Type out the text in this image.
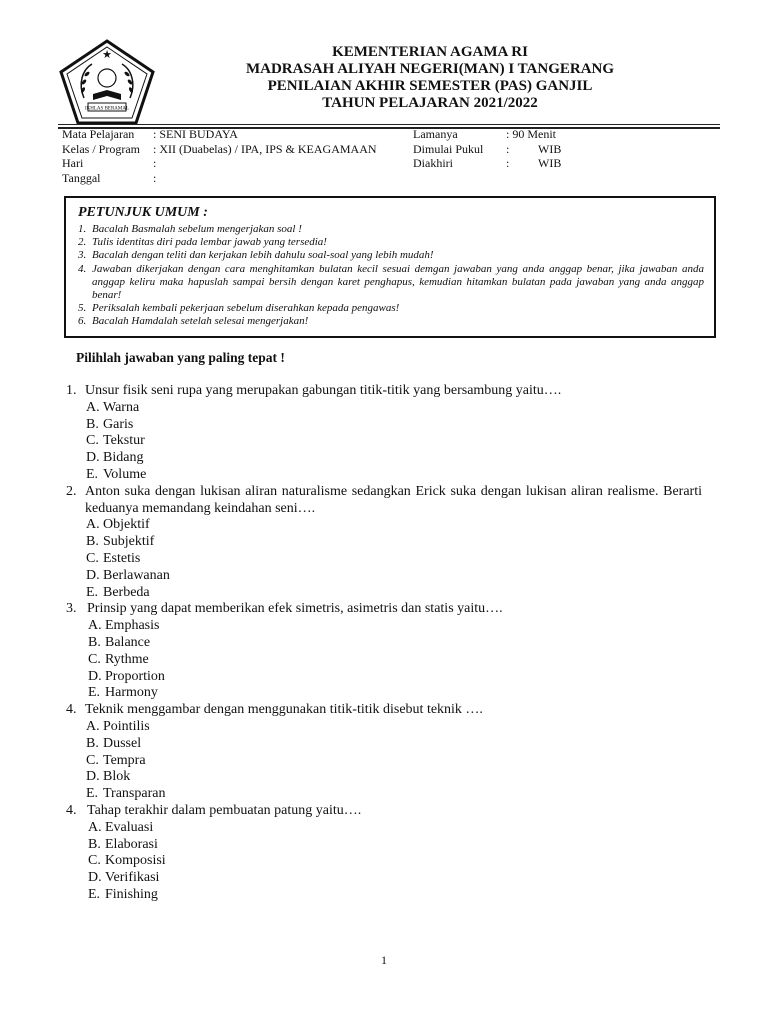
★
IKHLAS BERAMAL
KEMENTERIAN AGAMA RI
MADRASAH ALIYAH NEGERI(MAN) I TANGERANG
PENILAIAN AKHIR SEMESTER (PAS) GANJIL
TAHUN PELAJARAN 2021/2022
Mata Pelajaran	: SENI BUDAYA
Kelas / Program	: XII (Duabelas) / IPA, IPS & KEAGAMAAN
Hari	:
Tanggal	:
Lamanya	: 90 Menit
Dimulai Pukul	:	WIB
Diakhiri	:	WIB
PETUNJUK UMUM :
1. Bacalah Basmalah sebelum mengerjakan soal !
2. Tulis identitas diri pada lembar jawab yang tersedia!
3. Bacalah dengan teliti dan kerjakan lebih dahulu soal-soal yang lebih mudah!
4. Jawaban dikerjakan dengan cara menghitamkan bulatan kecil sesuai demgan jawaban yang anda anggap benar, jika jawaban anda anggap keliru maka hapuslah sampai bersih dengan karet penghapus, kemudian hitamkan bulatan pada jawaban yang anda anggap benar!
5. Periksalah kembali pekerjaan sebelum diserahkan kepada pengawas!
6. Bacalah Hamdalah setelah selesai mengerjakan!
Pilihlah jawaban yang paling tepat !
1. Unsur fisik seni rupa yang merupakan gabungan titik-titik yang bersambung yaitu….
A. Warna
B. Garis
C. Tekstur
D. Bidang
E. Volume
2. Anton suka dengan lukisan aliran naturalisme sedangkan Erick suka dengan lukisan aliran realisme. Berarti keduanya memandang keindahan seni….
A. Objektif
B. Subjektif
C. Estetis
D. Berlawanan
E. Berbeda
3. Prinsip yang dapat memberikan efek simetris, asimetris dan statis yaitu….
A. Emphasis
B. Balance
C. Rythme
D. Proportion
E. Harmony
4. Teknik menggambar dengan menggunakan titik-titik disebut teknik ….
A. Pointilis
B. Dussel
C. Tempra
D. Blok
E. Transparan
4. Tahap terakhir dalam pembuatan patung yaitu….
A. Evaluasi
B. Elaborasi
C. Komposisi
D. Verifikasi
E. Finishing
1
